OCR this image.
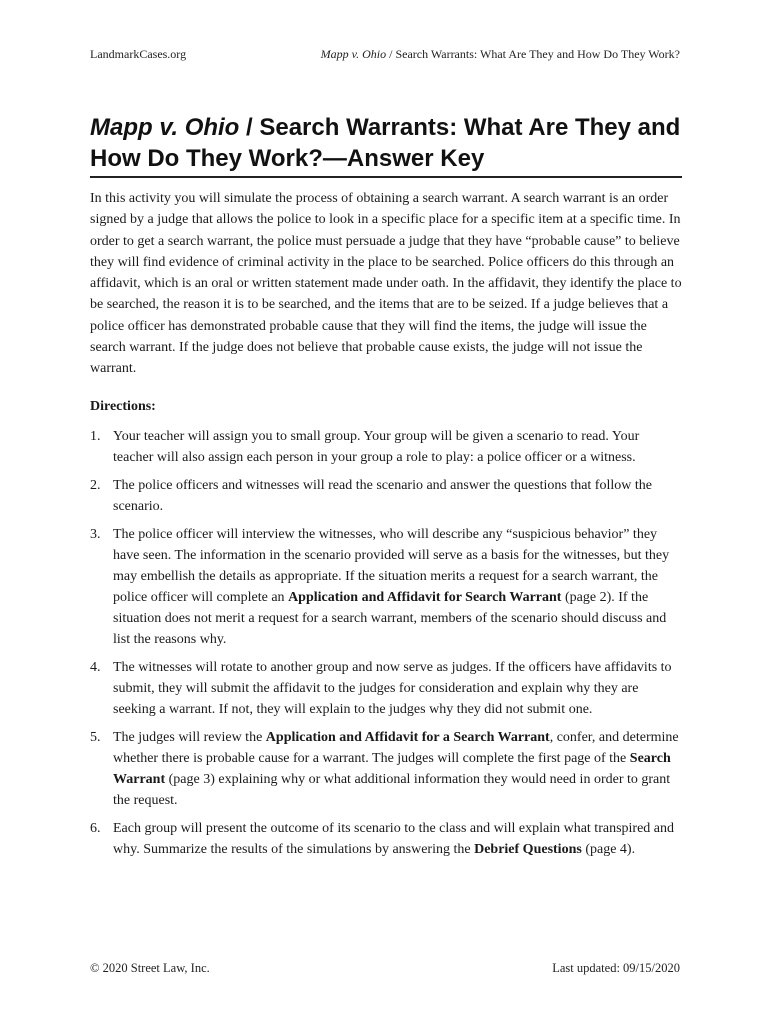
LandmarkCases.org	Mapp v. Ohio / Search Warrants: What Are They and How Do They Work?
Mapp v. Ohio / Search Warrants: What Are They and How Do They Work?—Answer Key

In this activity you will simulate the process of obtaining a search warrant. A search warrant is an order signed by a judge that allows the police to look in a specific place for a specific item at a specific time. In order to get a search warrant, the police must persuade a judge that they have “probable cause” to believe they will find evidence of criminal activity in the place to be searched. Police officers do this through an affidavit, which is an oral or written statement made under oath. In the affidavit, they identify the place to be searched, the reason it is to be searched, and the items that are to be seized. If a judge believes that a police officer has demonstrated probable cause that they will find the items, the judge will issue the search warrant. If the judge does not believe that probable cause exists, the judge will not issue the warrant.

Directions:

1. Your teacher will assign you to small group. Your group will be given a scenario to read. Your teacher will also assign each person in your group a role to play: a police officer or a witness.
2. The police officers and witnesses will read the scenario and answer the questions that follow the scenario.
3. The police officer will interview the witnesses, who will describe any “suspicious behavior” they have seen. The information in the scenario provided will serve as a basis for the witnesses, but they may embellish the details as appropriate. If the situation merits a request for a search warrant, the police officer will complete an Application and Affidavit for Search Warrant (page 2). If the situation does not merit a request for a search warrant, members of the scenario should discuss and list the reasons why.
4. The witnesses will rotate to another group and now serve as judges. If the officers have affidavits to submit, they will submit the affidavit to the judges for consideration and explain why they are seeking a warrant. If not, they will explain to the judges why they did not submit one.
5. The judges will review the Application and Affidavit for a Search Warrant, confer, and determine whether there is probable cause for a warrant. The judges will complete the first page of the Search Warrant (page 3) explaining why or what additional information they would need in order to grant the request.
6. Each group will present the outcome of its scenario to the class and will explain what transpired and why. Summarize the results of the simulations by answering the Debrief Questions (page 4).
© 2020 Street Law, Inc.	Last updated: 09/15/2020
